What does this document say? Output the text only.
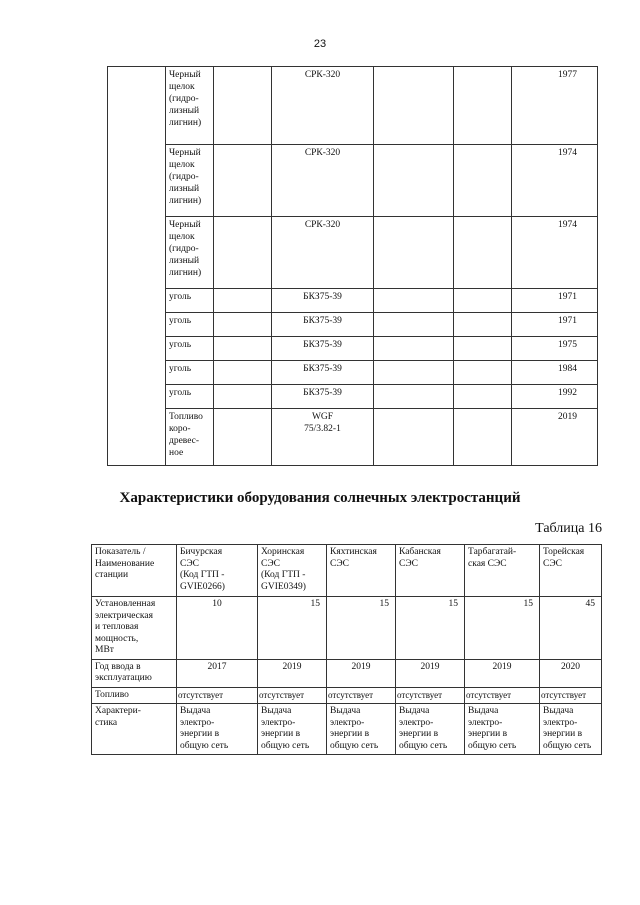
23
	Черный
щелок
(гидро-
лизный
лигнин)		СРК-320			1977
	Черный
щелок
(гидро-
лизный
лигнин)		СРК-320			1974
	Черный
щелок
(гидро-
лизный
лигнин)		СРК-320			1974
	уголь		БКЗ75-39			1971
	уголь		БКЗ75-39			1971
	уголь		БКЗ75-39			1975
	уголь		БКЗ75-39			1984
	уголь		БКЗ75-39			1992
	Топливо
коро-
древес-
ное		WGF
75/3.82-1			2019
Характеристики оборудования солнечных электростанций
Таблица 16
Показатель /
Наименование
станции	Бичурская
СЭС
(Код ГТП -
GVIE0266)	Хоринская
СЭС
(Код ГТП -
GVIE0349)	Кяхтинская
СЭС	Кабанская
СЭС	Тарбагатай-
ская СЭС	Торейская
СЭС
Установленная
электрическая
и тепловая
мощность,
МВт	10	15	15	15	15	45
Год ввода в
эксплуатацию	2017	2019	2019	2019	2019	2020
Топливо	отсутствует	отсутствует	отсутствует	отсутствует	отсутствует	отсутствует
Характери-
стика	Выдача
электро-
энергии в
общую сеть	Выдача
электро-
энергии в
общую сеть	Выдача
электро-
энергии в
общую сеть	Выдача
электро-
энергии в
общую сеть	Выдача
электро-
энергии в
общую сеть	Выдача
электро-
энергии в
общую сеть
